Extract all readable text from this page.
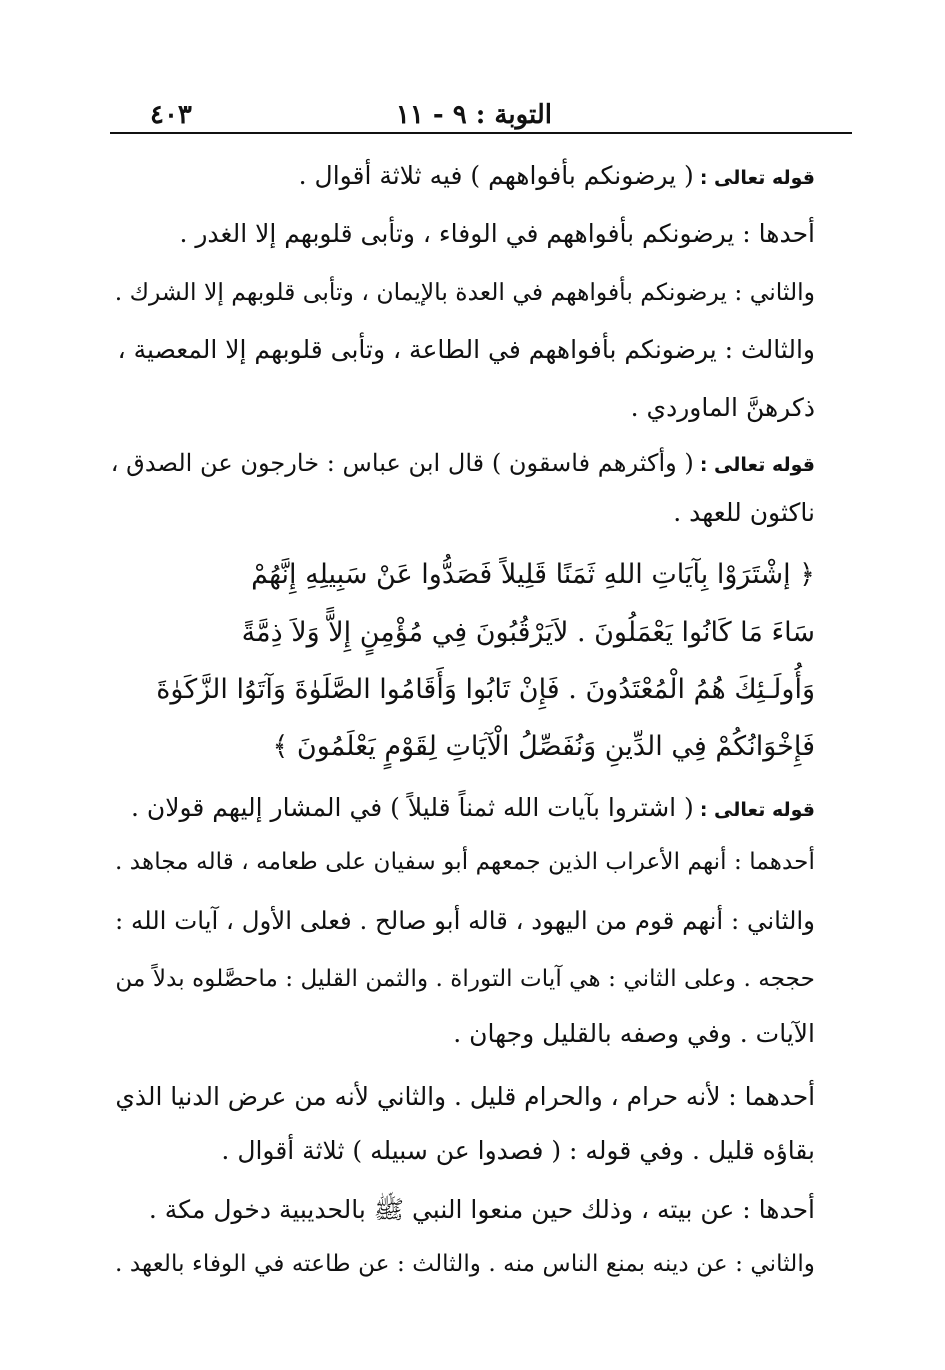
التوبة : ٩ - ١١
٤٠٣
قوله تعالى :( يرضونكم بأفواههم ) فيه ثلاثة أقوال .
أحدها : يرضونكم بأفواههم في الوفاء ، وتأبى قلوبهم إلا الغدر .
والثاني : يرضونكم بأفواههم في العدة بالإيمان ، وتأبى قلوبهم إلا الشرك .
والثالث : يرضونكم بأفواههم في الطاعة ، وتأبى قلوبهم إلا المعصية ،
ذكرهنَّ الماوردي .
قوله تعالى :( وأكثرهم فاسقون ) قال ابن عباس : خارجون عن الصدق ،
ناكثون للعهد .
﴿ إشْتَرَوْا بِآيَاتِ اللهِ ثَمَنًا قَلِيلاً فَصَدُّوا عَنْ سَبِيلِهِ إِنَّهُمْ
سَاءَ مَا كَانُوا يَعْمَلُونَ . لاَيَرْقُبُونَ فِي مُؤْمِنٍ إِلاًّ وَلاَ ذِمَّةً
وَأُولَـئِكَ هُمُ الْمُعْتَدُونَ . فَإِنْ تَابُوا وَأَقَامُوا الصَّلَوٰةَ وَآتَوُا الزَّكَوٰةَ
فَإِخْوَانُكُمْ فِي الدِّينِ وَنُفَصِّلُ الْآيَاتِ لِقَوْمٍ يَعْلَمُونَ ﴾
قوله تعالى :( اشتروا بآيات الله ثمناً قليلاً ) في المشار إليهم قولان .
أحدهما : أنهم الأعراب الذين جمعهم أبو سفيان على طعامه ، قاله مجاهد .
والثاني : أنهم قوم من اليهود ، قاله أبو صالح . فعلى الأول ، آيات الله :
حججه . وعلى الثاني : هي آيات التوراة . والثمن القليل : ماحصَّلوه بدلاً من
الآيات . وفي وصفه بالقليل وجهان .
أحدهما : لأنه حرام ، والحرام قليل . والثاني لأنه من عرض الدنيا الذي
بقاؤه قليل . وفي قوله : ( فصدوا عن سبيله ) ثلاثة أقوال .
أحدها : عن بيته ، وذلك حين منعوا النبي ﷺ بالحديبية دخول مكة .
والثاني : عن دينه بمنع الناس منه . والثالث : عن طاعته في الوفاء بالعهد .
